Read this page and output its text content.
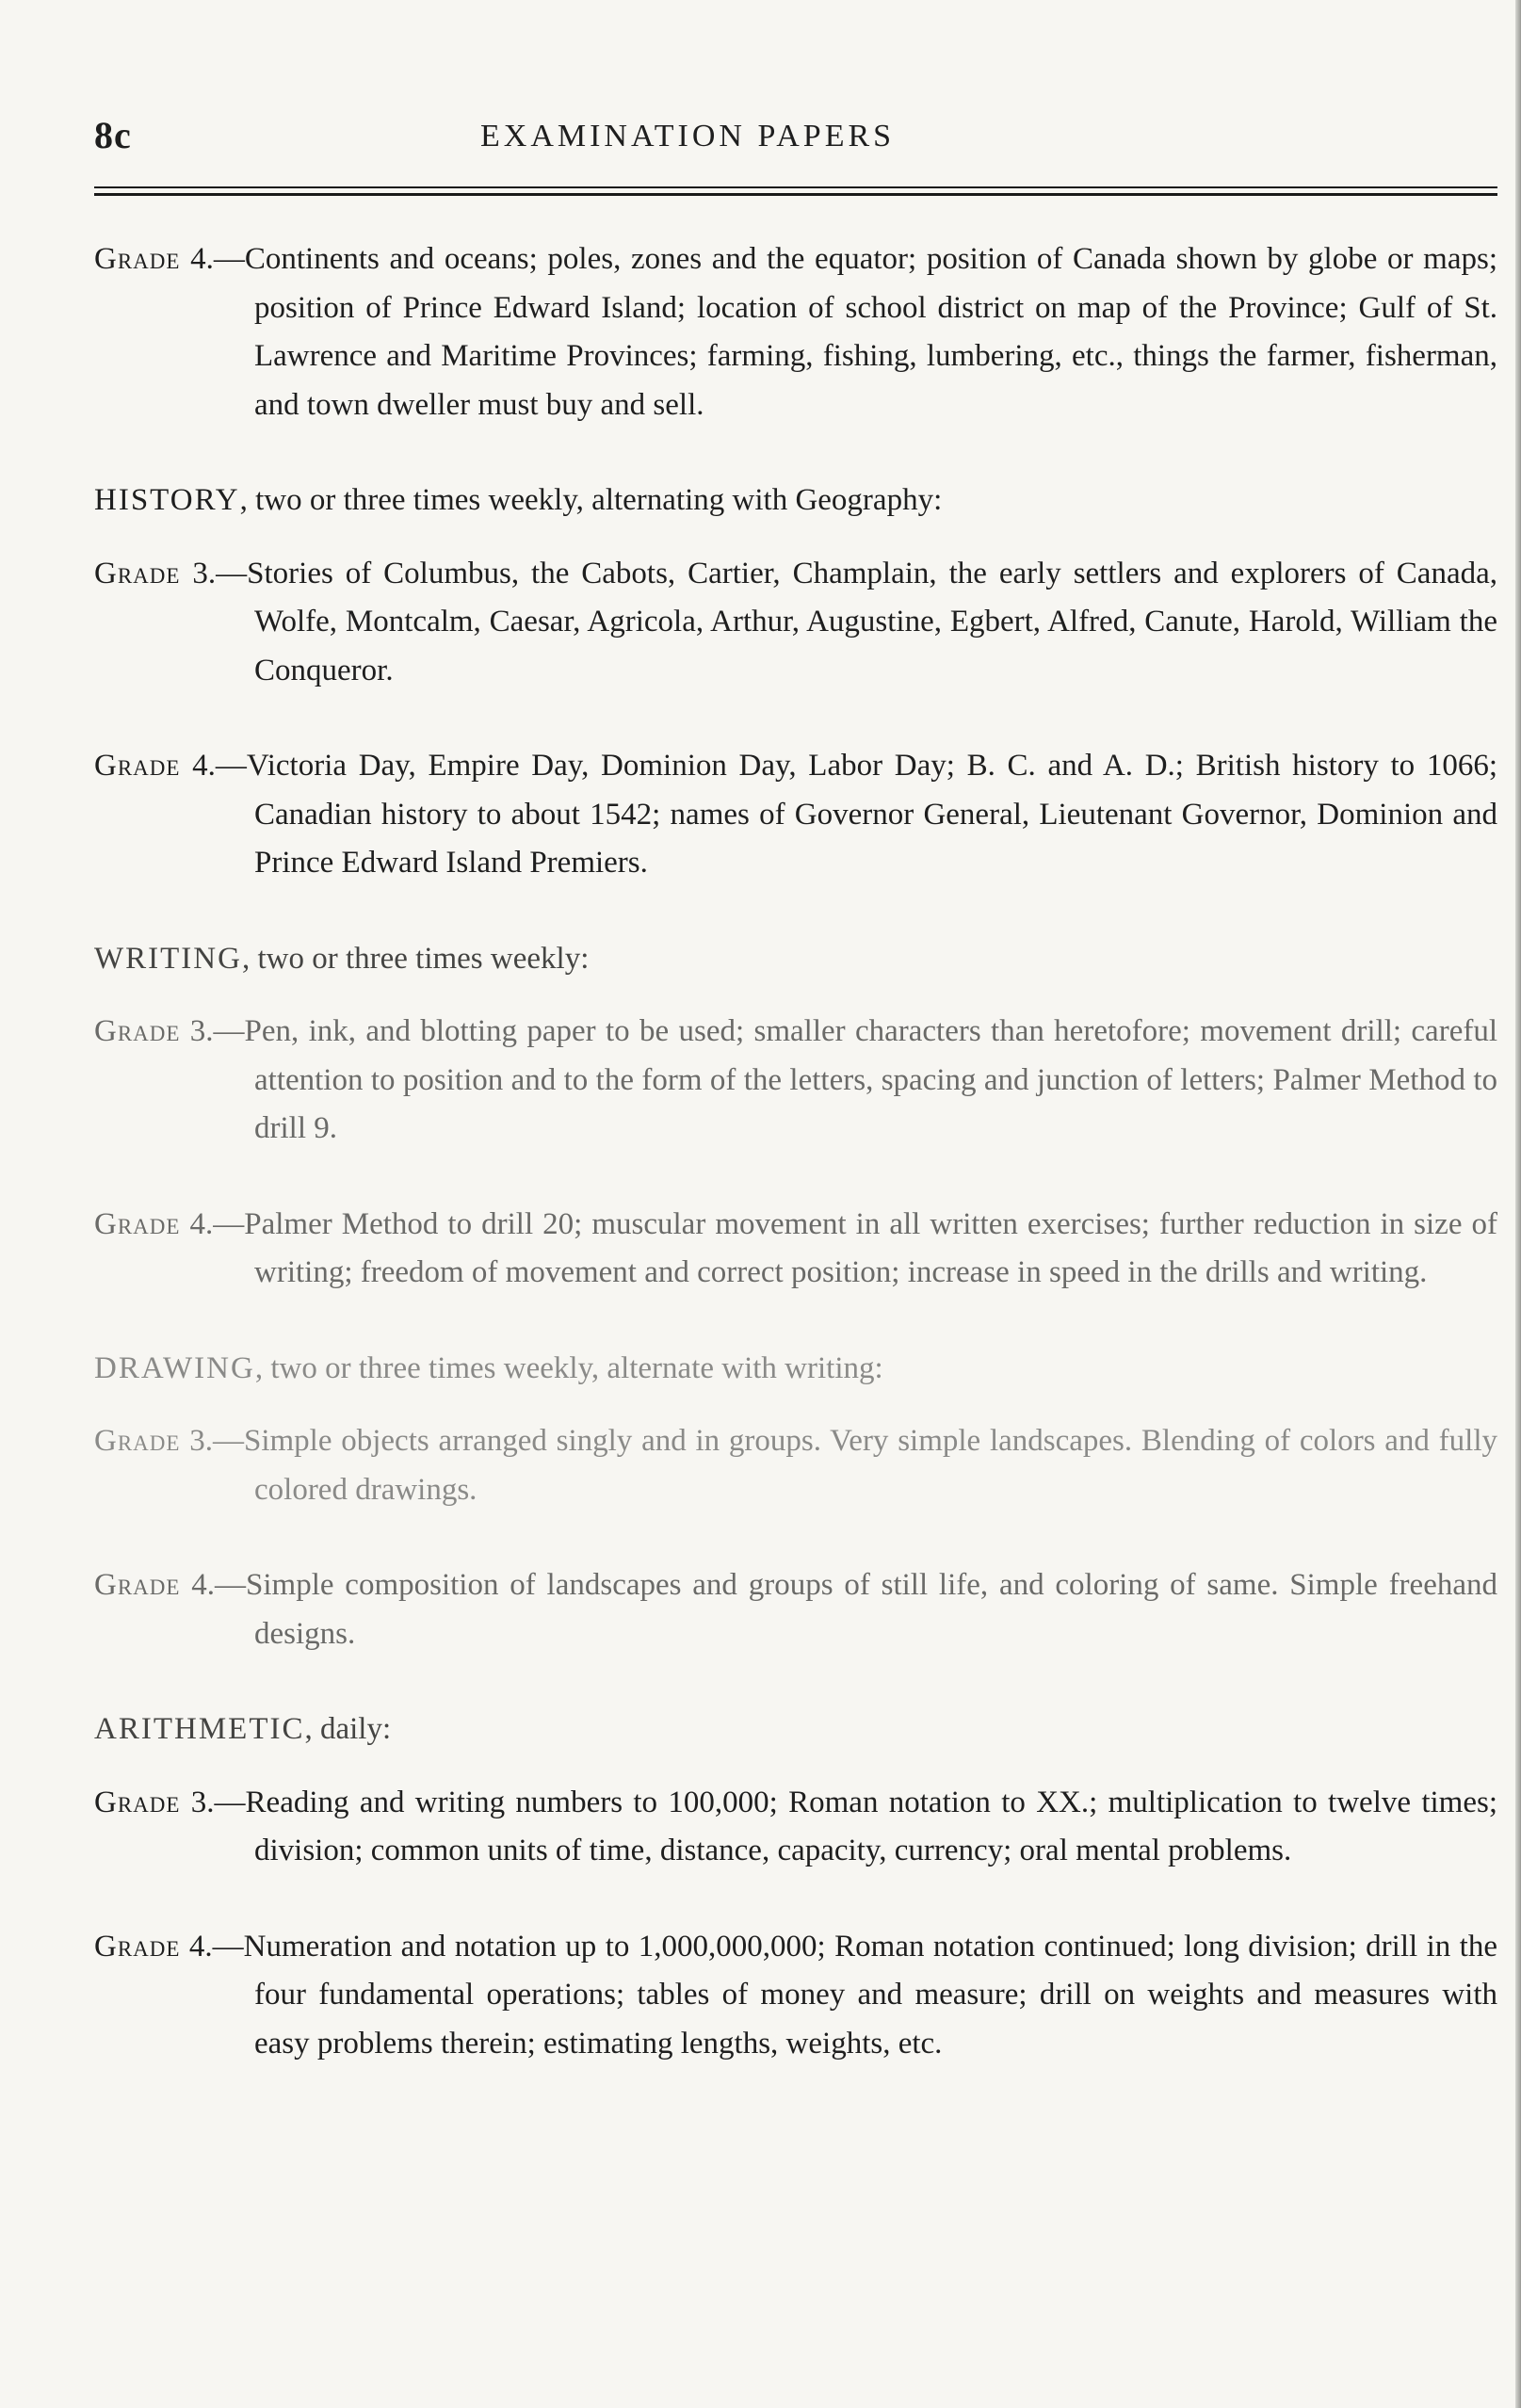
8c	EXAMINATION PAPERS

Grade 4.—Continents and oceans; poles, zones and the equator; position of Canada shown by globe or maps; position of Prince Edward Island; location of school district on map of the Province; Gulf of St. Lawrence and Maritime Provinces; farming, fishing, lumbering, etc., things the farmer, fisherman, and town dweller must buy and sell.

HISTORY, two or three times weekly, alternating with Geography:

Grade 3.—Stories of Columbus, the Cabots, Cartier, Champlain, the early settlers and explorers of Canada, Wolfe, Montcalm, Caesar, Agricola, Arthur, Augustine, Egbert, Alfred, Canute, Harold, William the Conqueror.

Grade 4.—Victoria Day, Empire Day, Dominion Day, Labor Day; B. C. and A. D.; British history to 1066; Canadian history to about 1542; names of Governor General, Lieutenant Governor, Dominion and Prince Edward Island Premiers.

WRITING, two or three times weekly:

Grade 3.—Pen, ink, and blotting paper to be used; smaller characters than heretofore; movement drill; careful attention to position and to the form of the letters, spacing and junction of letters; Palmer Method to drill 9.

Grade 4.—Palmer Method to drill 20; muscular movement in all written exercises; further reduction in size of writing; freedom of movement and correct position; increase in speed in the drills and writing.

DRAWING, two or three times weekly, alternate with writing:

Grade 3.—Simple objects arranged singly and in groups. Very simple landscapes. Blending of colors and fully colored drawings.

Grade 4.—Simple composition of landscapes and groups of still life, and coloring of same. Simple freehand designs.

ARITHMETIC, daily:

Grade 3.—Reading and writing numbers to 100,000; Roman notation to XX.; multiplication to twelve times; division; common units of time, distance, capacity, currency; oral mental problems.

Grade 4.—Numeration and notation up to 1,000,000,000; Roman notation continued; long division; drill in the four fundamental operations; tables of money and measure; drill on weights and measures with easy problems therein; estimating lengths, weights, etc.
